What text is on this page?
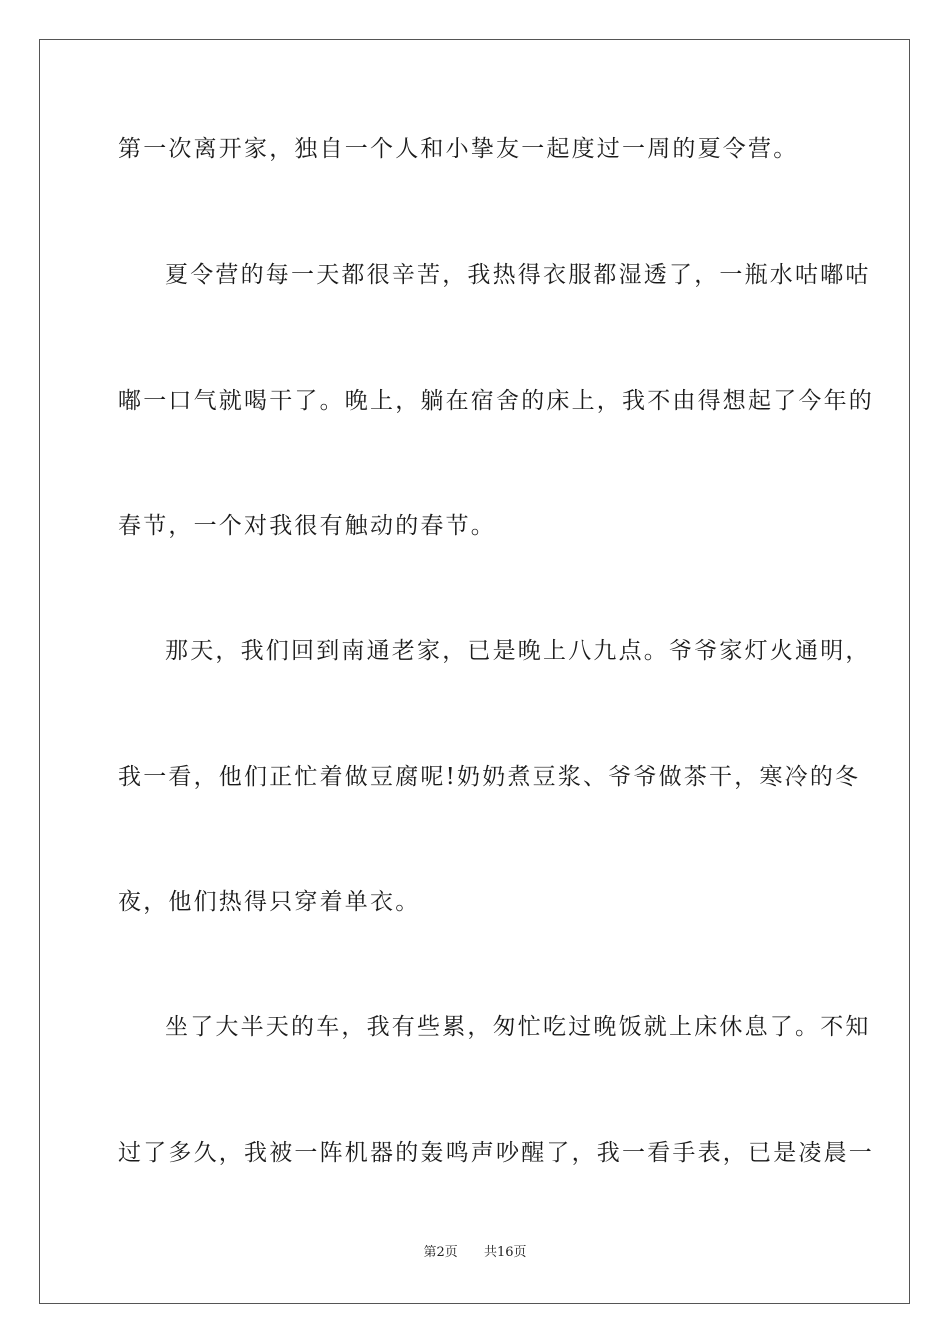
第一次离开家，独自一个人和小挚友一起度过一周的夏令营。
夏令营的每一天都很辛苦，我热得衣服都湿透了，一瓶水咕嘟咕
嘟一口气就喝干了。晚上，躺在宿舍的床上，我不由得想起了今年的
春节，一个对我很有触动的春节。
那天，我们回到南通老家，已是晚上八九点。爷爷家灯火通明，
我一看，他们正忙着做豆腐呢!奶奶煮豆浆、爷爷做茶干，寒冷的冬
夜，他们热得只穿着单衣。
坐了大半天的车，我有些累，匆忙吃过晚饭就上床休息了。不知
过了多久，我被一阵机器的轰鸣声吵醒了，我一看手表，已是凌晨一
第2页 共16页
